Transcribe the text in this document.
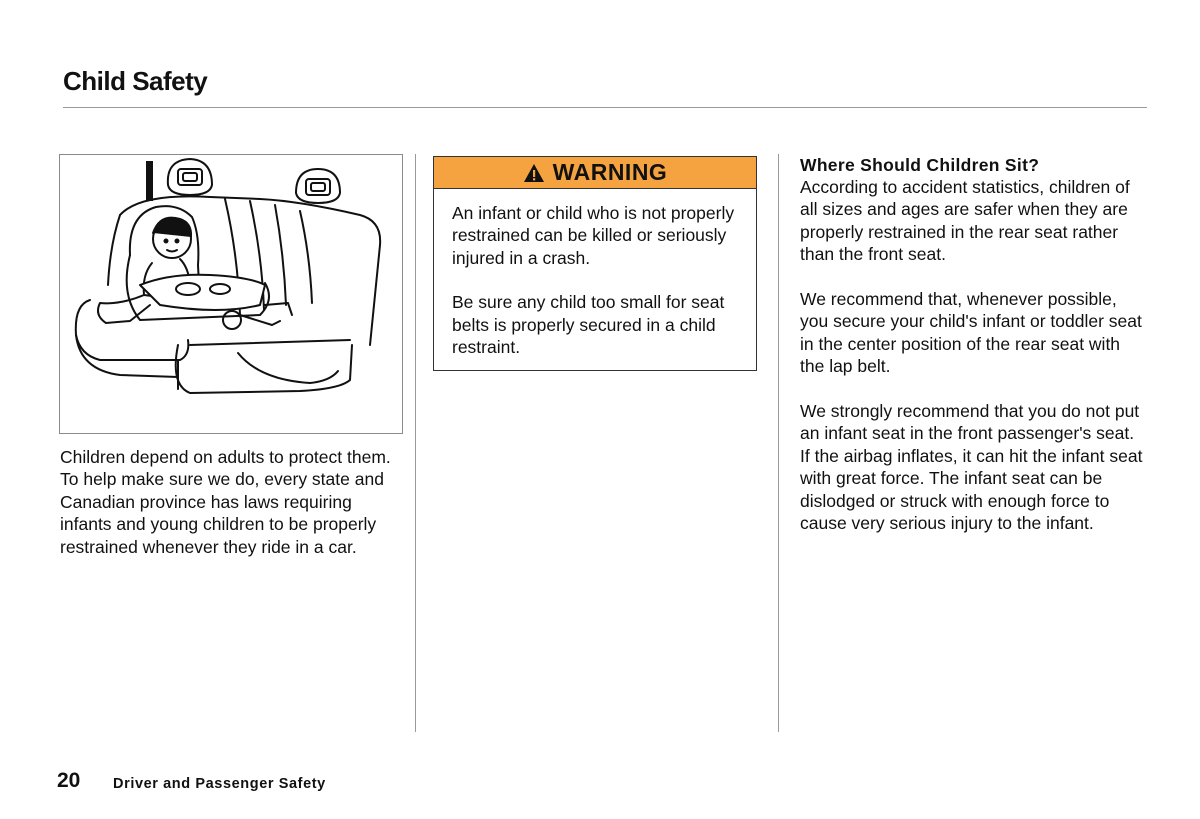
Child Safety

Children depend on adults to protect them. To help make sure we do, every state and Canadian province has laws requiring infants and young children to be properly restrained whenever they ride in a car.

WARNING

An infant or child who is not properly restrained can be killed or seriously injured in a crash.

Be sure any child too small for seat belts is properly secured in a child restraint.

Where Should Children Sit?

According to accident statistics, children of all sizes and ages are safer when they are properly restrained in the rear seat rather than the front seat.

We recommend that, whenever possible, you secure your child's infant or toddler seat in the center position of the rear seat with the lap belt.

We strongly recommend that you do not put an infant seat in the front passenger's seat. If the airbag inflates, it can hit the infant seat with great force. The infant seat can be dislodged or struck with enough force to cause very serious injury to the infant.

20 Driver and Passenger Safety
